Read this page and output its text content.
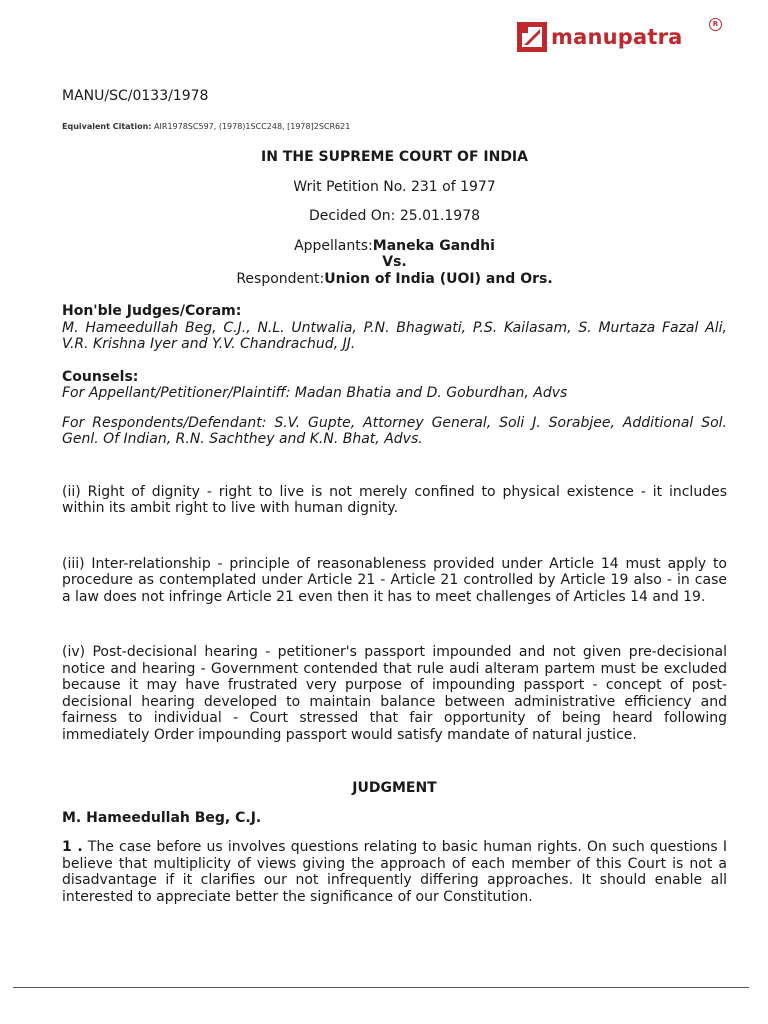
manupatra
R

MANU/SC/0133/1978

Equivalent Citation: AIR1978SC597, (1978)1SCC248, [1978]2SCR621

IN THE SUPREME COURT OF INDIA

Writ Petition No. 231 of 1977

Decided On: 25.01.1978

Appellants:Maneka Gandhi

Vs.

Respondent:Union of India (UOI) and Ors.

Hon'ble Judges/Coram:

M. Hameedullah Beg, C.J., N.L. Untwalia, P.N. Bhagwati, P.S. Kailasam, S. Murtaza Fazal Ali, V.R. Krishna Iyer and Y.V. Chandrachud, JJ.

Counsels:

For Appellant/Petitioner/Plaintiff: Madan Bhatia and D. Goburdhan, Advs

For Respondents/Defendant: S.V. Gupte, Attorney General, Soli J. Sorabjee, Additional Sol. Genl. Of Indian, R.N. Sachthey and K.N. Bhat, Advs.

(ii) Right of dignity - right to live is not merely confined to physical existence - it includes within its ambit right to live with human dignity.

(iii) Inter-relationship - principle of reasonableness provided under Article 14 must apply to procedure as contemplated under Article 21 - Article 21 controlled by Article 19 also - in case a law does not infringe Article 21 even then it has to meet challenges of Articles 14 and 19.

(iv) Post-decisional hearing - petitioner's passport impounded and not given pre-decisional notice and hearing - Government contended that rule audi alteram partem must be excluded because it may have frustrated very purpose of impounding passport - concept of post-decisional hearing developed to maintain balance between administrative efficiency and fairness to individual - Court stressed that fair opportunity of being heard following immediately Order impounding passport would satisfy mandate of natural justice.

JUDGMENT

M. Hameedullah Beg, C.J.

1 . The case before us involves questions relating to basic human rights. On such questions I believe that multiplicity of views giving the approach of each member of this Court is not a disadvantage if it clarifies our not infrequently differing approaches. It should enable all interested to appreciate better the significance of our Constitution.
